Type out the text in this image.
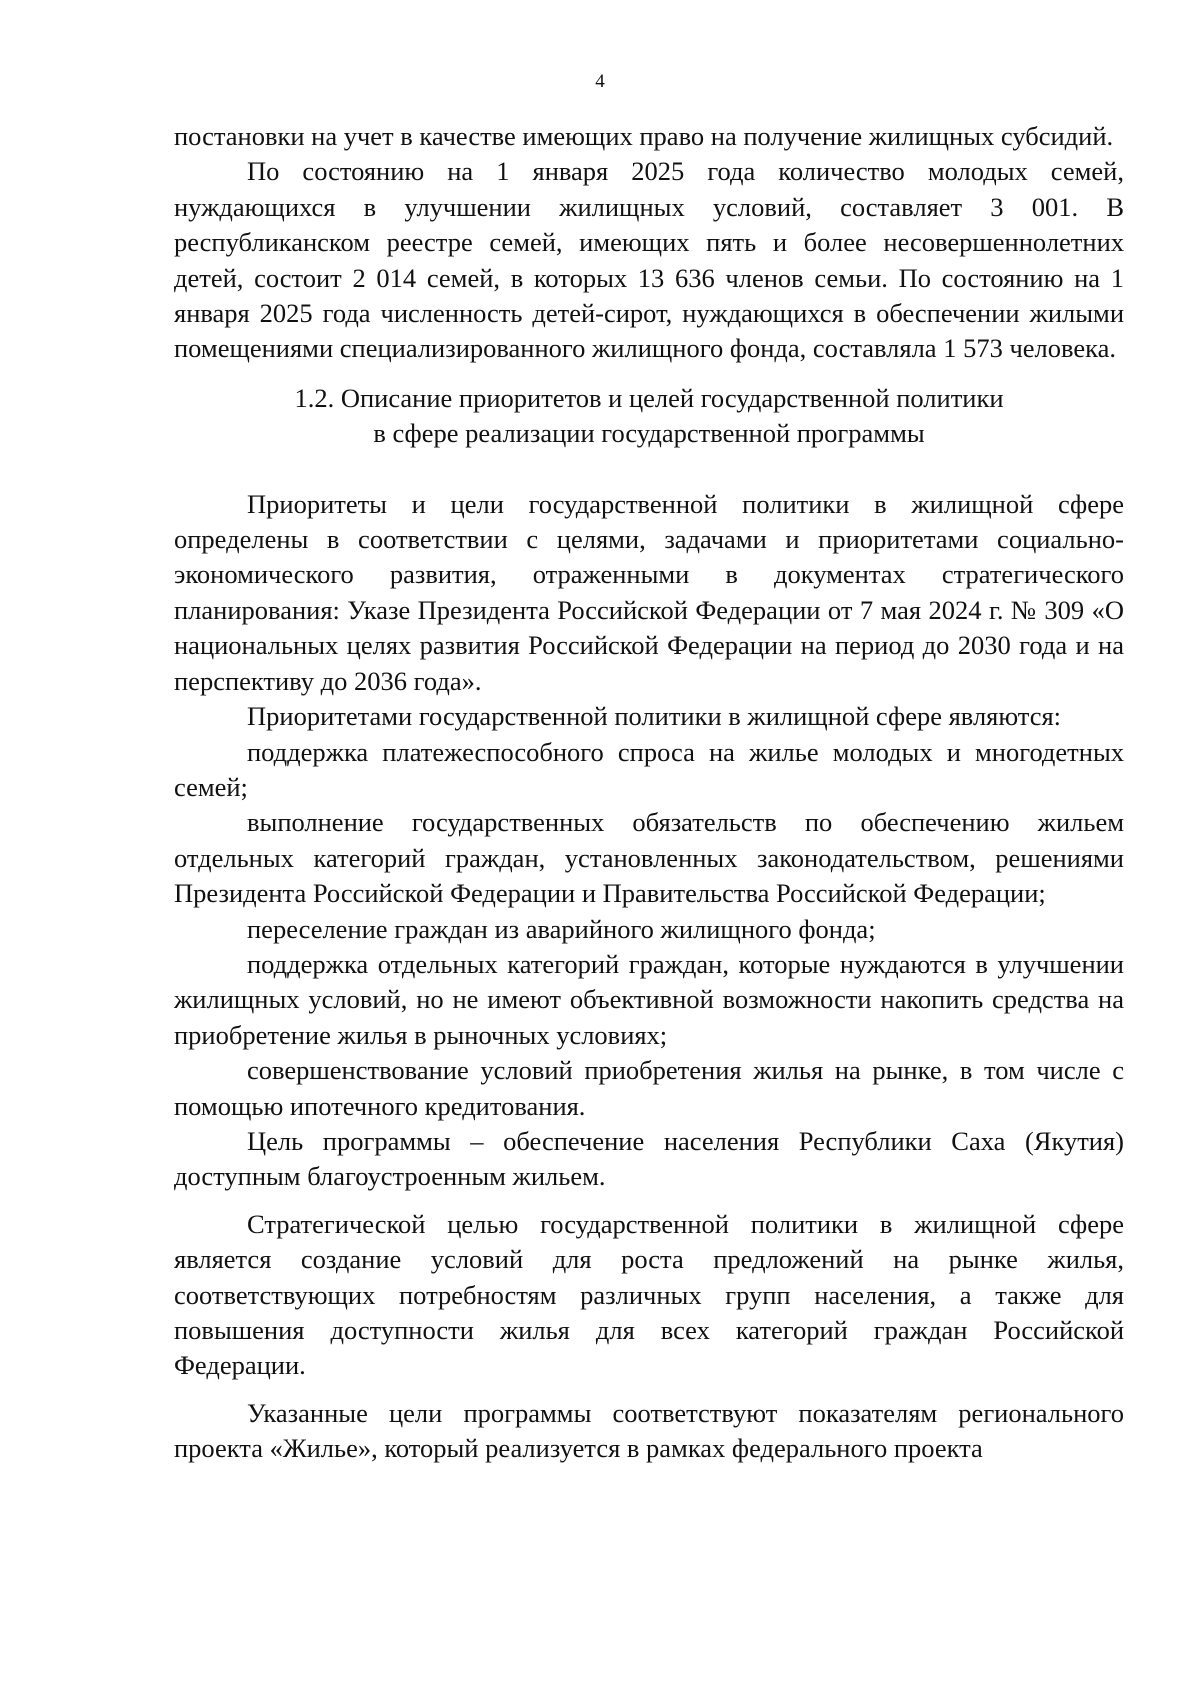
4

постановки на учет в качестве имеющих право на получение жилищных субсидий.

По состоянию на 1 января 2025 года количество молодых семей, нуждающихся в улучшении жилищных условий, составляет 3 001. В республиканском реестре семей, имеющих пять и более несовершеннолетних детей, состоит 2 014 семей, в которых 13 636 членов семьи. По состоянию на 1 января 2025 года численность детей-сирот, нуждающихся в обеспечении жилыми помещениями специализированного жилищного фонда, составляла 1 573 человека.

1.2. Описание приоритетов и целей государственной политики

в сфере реализации государственной программы

Приоритеты и цели государственной политики в жилищной сфере определены в соответствии с целями, задачами и приоритетами социально-экономического развития, отраженными в документах стратегического планирования: Указе Президента Российской Федерации от 7 мая 2024 г. № 309 «О национальных целях развития Российской Федерации на период до 2030 года и на перспективу до 2036 года».

Приоритетами государственной политики в жилищной сфере являются:

поддержка платежеспособного спроса на жилье молодых и многодетных семей;

выполнение государственных обязательств по обеспечению жильем отдельных категорий граждан, установленных законодательством, решениями Президента Российской Федерации и Правительства Российской Федерации;

переселение граждан из аварийного жилищного фонда;

поддержка отдельных категорий граждан, которые нуждаются в улучшении жилищных условий, но не имеют объективной возможности накопить средства на приобретение жилья в рыночных условиях;

совершенствование условий приобретения жилья на рынке, в том числе с помощью ипотечного кредитования.

Цель программы – обеспечение населения Республики Саха (Якутия) доступным благоустроенным жильем.

Стратегической целью государственной политики в жилищной сфере является создание условий для роста предложений на рынке жилья, соответствующих потребностям различных групп населения, а также для повышения доступности жилья для всех категорий граждан Российской Федерации.

Указанные цели программы соответствуют показателям регионального проекта «Жилье», который реализуется в рамках федерального проекта
